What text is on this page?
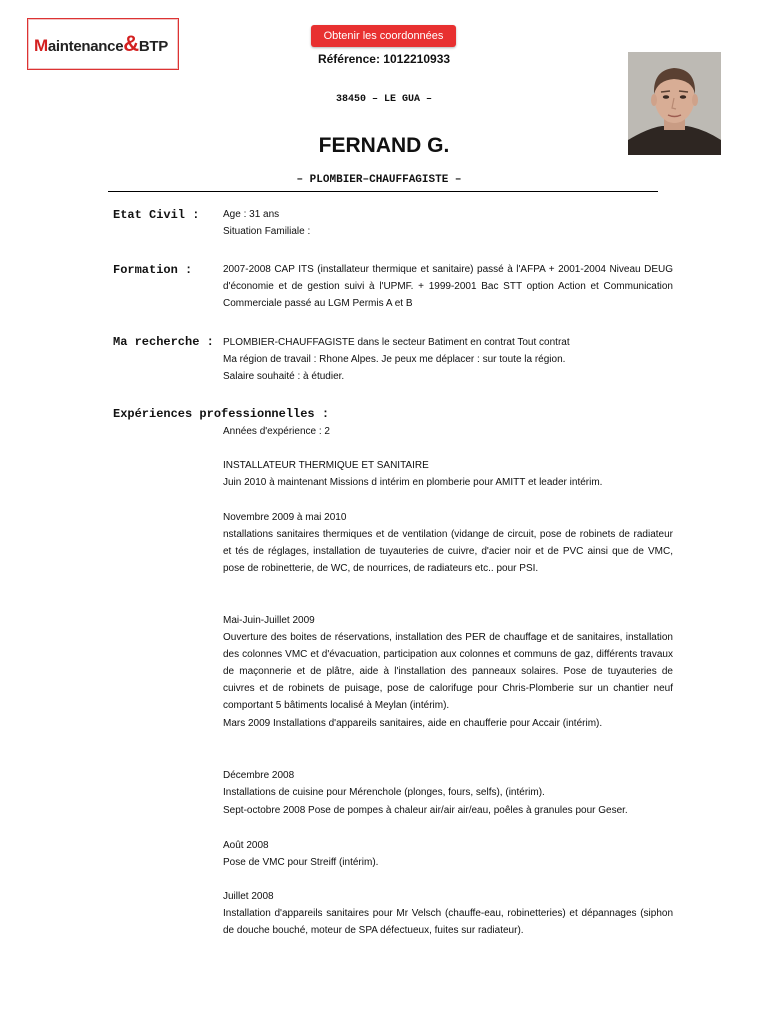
Maintenance&BTP
Obtenir les coordonnées
Référence: 1012210933
38450 – LE GUA –
FERNAND G.
– PLOMBIER–CHAUFFAGISTE –
Etat Civil : Age : 31 ans
Situation Familiale :
Formation :	2007-2008 CAP ITS (installateur thermique et sanitaire) passé à l'AFPA + 2001-2004 Niveau DEUG d'économie et de gestion suivi à l'UPMF. + 1999-2001 Bac STT option Action et Communication Commerciale passé au LGM Permis A et B
Ma recherche : PLOMBIER-CHAUFFAGISTE dans le secteur Batiment en contrat Tout contrat
Ma région de travail : Rhone Alpes. Je peux me déplacer : sur toute la région.
Salaire souhaité : à étudier.
Expériences professionnelles :
Années d'expérience : 2
INSTALLATEUR THERMIQUE ET SANITAIRE
Juin 2010 à maintenant Missions d intérim en plomberie pour AMITT et leader intérim.
Novembre 2009 à mai 2010
nstallations sanitaires thermiques et de ventilation (vidange de circuit, pose de robinets de radiateur et tés de réglages, installation de tuyauteries de cuivre, d'acier noir et de PVC ainsi que de VMC, pose de robinetterie, de WC, de nourrices, de radiateurs etc.. pour PSI.
Mai-Juin-Juillet 2009
Ouverture des boites de réservations, installation des PER de chauffage et de sanitaires, installation des colonnes VMC et d'évacuation, participation aux colonnes et communs de gaz, différents travaux de maçonnerie et de plâtre, aide à l'installation des panneaux solaires. Pose de tuyauteries de cuivres et de robinets de puisage, pose de calorifuge pour Chris-Plomberie sur un chantier neuf comportant 5 bâtiments localisé à Meylan (intérim).
Mars 2009 Installations d'appareils sanitaires, aide en chaufferie pour Accair (intérim).
Décembre 2008
Installations de cuisine pour Mérenchole (plonges, fours, selfs), (intérim).
Sept-octobre 2008 Pose de pompes à chaleur air/air air/eau, poêles à granules pour Geser.
Août 2008
Pose de VMC pour Streiff (intérim).
Juillet 2008
Installation d'appareils sanitaires pour Mr Velsch (chauffe-eau, robinetteries) et dépannages (siphon de douche bouché, moteur de SPA défectueux, fuites sur radiateur).
